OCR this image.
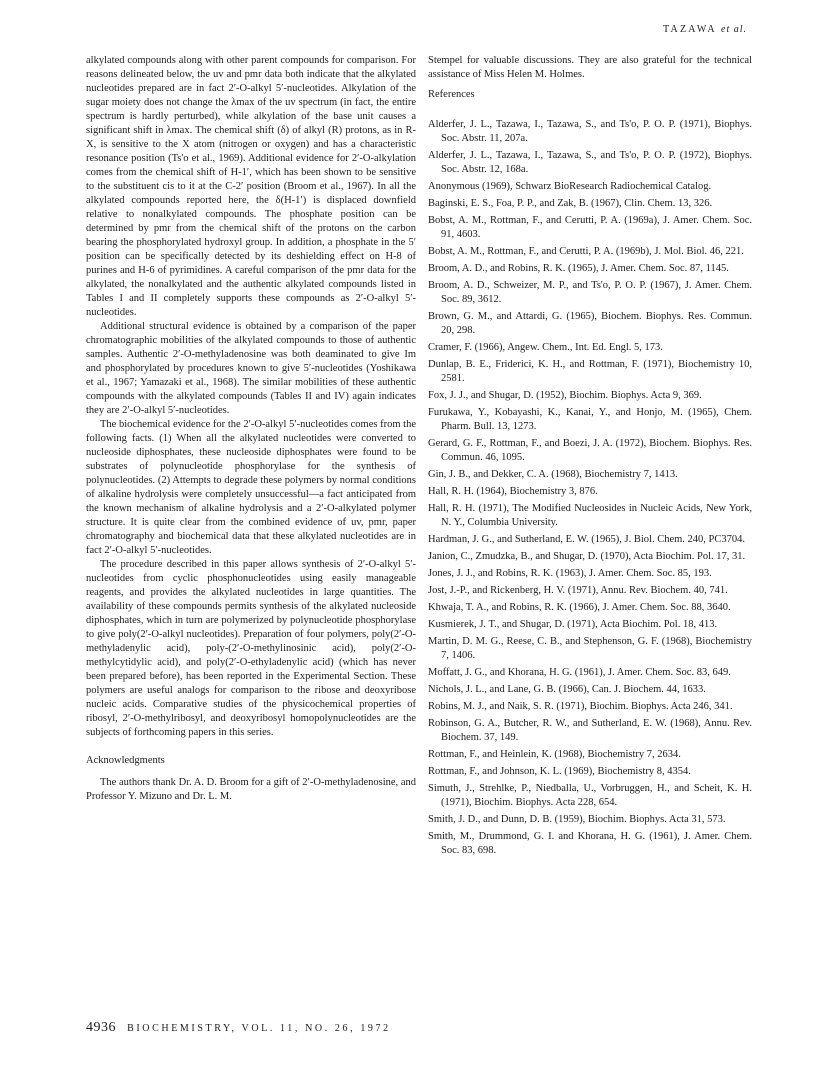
TAZAWA et al.

alkylated compounds along with other parent compounds for comparison. For reasons delineated below, the uv and pmr data both indicate that the alkylated nucleotides prepared are in fact 2′-O-alkyl 5′-nucleotides. Alkylation of the sugar moiety does not change the λmax of the uv spectrum (in fact, the entire spectrum is hardly perturbed), while alkylation of the base unit causes a significant shift in λmax. The chemical shift (δ) of alkyl (R) protons, as in R-X, is sensitive to the X atom (nitrogen or oxygen) and has a characteristic resonance position (Ts'o et al., 1969). Additional evidence for 2′-O-alkylation comes from the chemical shift of H-1′, which has been shown to be sensitive to the substituent cis to it at the C-2′ position (Broom et al., 1967). In all the alkylated compounds reported here, the δ(H-1′) is displaced downfield relative to nonalkylated compounds. The phosphate position can be determined by pmr from the chemical shift of the protons on the carbon bearing the phosphorylated hydroxyl group. In addition, a phosphate in the 5′ position can be specifically detected by its deshielding effect on H-8 of purines and H-6 of pyrimidines. A careful comparison of the pmr data for the alkylated, the nonalkylated and the authentic alkylated compounds listed in Tables I and II completely supports these compounds as 2′-O-alkyl 5′-nucleotides.

Additional structural evidence is obtained by a comparison of the paper chromatographic mobilities of the alkylated compounds to those of authentic samples. Authentic 2′-O-methyladenosine was both deaminated to give Im and phosphorylated by procedures known to give 5′-nucleotides (Yoshikawa et al., 1967; Yamazaki et al., 1968). The similar mobilities of these authentic compounds with the alkylated compounds (Tables II and IV) again indicates they are 2′-O-alkyl 5′-nucleotides.

The biochemical evidence for the 2′-O-alkyl 5′-nucleotides comes from the following facts. (1) When all the alkylated nucleotides were converted to nucleoside diphosphates, these nucleoside diphosphates were found to be substrates of polynucleotide phosphorylase for the synthesis of polynucleotides. (2) Attempts to degrade these polymers by normal conditions of alkaline hydrolysis were completely unsuccessful—a fact anticipated from the known mechanism of alkaline hydrolysis and a 2′-O-alkylated polymer structure. It is quite clear from the combined evidence of uv, pmr, paper chromatography and biochemical data that these alkylated nucleotides are in fact 2′-O-alkyl 5′-nucleotides.

The procedure described in this paper allows synthesis of 2′-O-alkyl 5′-nucleotides from cyclic phosphonucleotides using easily manageable reagents, and provides the alkylated nucleotides in large quantities. The availability of these compounds permits synthesis of the alkylated nucleoside diphosphates, which in turn are polymerized by polynucleotide phosphorylase to give poly(2′-O-alkyl nucleotides). Preparation of four polymers, poly(2′-O-methyladenylic acid), poly-(2′-O-methylinosinic acid), poly(2′-O-methylcytidylic acid), and poly(2′-O-ethyladenylic acid) (which has never been prepared before), has been reported in the Experimental Section. These polymers are useful analogs for comparison to the ribose and deoxyribose nucleic acids. Comparative studies of the physicochemical properties of ribosyl, 2′-O-methylribosyl, and deoxyribosyl homopolynucleotides are the subjects of forthcoming papers in this series.

Acknowledgments

The authors thank Dr. A. D. Broom for a gift of 2′-O-methyladenosine, and Professor Y. Mizuno and Dr. L. M.

Stempel for valuable discussions. They are also grateful for the technical assistance of Miss Helen M. Holmes.

References
Alderfer, J. L., Tazawa, I., Tazawa, S., and Ts'o, P. O. P. (1971), Biophys. Soc. Abstr. 11, 207a.
Alderfer, J. L., Tazawa, I., Tazawa, S., and Ts'o, P. O. P. (1972), Biophys. Soc. Abstr. 12, 168a.
Anonymous (1969), Schwarz BioResearch Radiochemical Catalog.
Baginski, E. S., Foa, P. P., and Zak, B. (1967), Clin. Chem. 13, 326.
Bobst, A. M., Rottman, F., and Cerutti, P. A. (1969a), J. Amer. Chem. Soc. 91, 4603.
Bobst, A. M., Rottman, F., and Cerutti, P. A. (1969b), J. Mol. Biol. 46, 221.
Broom, A. D., and Robins, R. K. (1965), J. Amer. Chem. Soc. 87, 1145.
Broom, A. D., Schweizer, M. P., and Ts'o, P. O. P. (1967), J. Amer. Chem. Soc. 89, 3612.
Brown, G. M., and Attardi, G. (1965), Biochem. Biophys. Res. Commun. 20, 298.
Cramer, F. (1966), Angew. Chem., Int. Ed. Engl. 5, 173.
Dunlap, B. E., Friderici, K. H., and Rottman, F. (1971), Biochemistry 10, 2581.
Fox, J. J., and Shugar, D. (1952), Biochim. Biophys. Acta 9, 369.
Furukawa, Y., Kobayashi, K., Kanai, Y., and Honjo, M. (1965), Chem. Pharm. Bull. 13, 1273.
Gerard, G. F., Rottman, F., and Boezi, J. A. (1972), Biochem. Biophys. Res. Commun. 46, 1095.
Gin, J. B., and Dekker, C. A. (1968), Biochemistry 7, 1413.
Hall, R. H. (1964), Biochemistry 3, 876.
Hall, R. H. (1971), The Modified Nucleosides in Nucleic Acids, New York, N. Y., Columbia University.
Hardman, J. G., and Sutherland, E. W. (1965), J. Biol. Chem. 240, PC3704.
Janion, C., Zmudzka, B., and Shugar, D. (1970), Acta Biochim. Pol. 17, 31.
Jones, J. J., and Robins, R. K. (1963), J. Amer. Chem. Soc. 85, 193.
Jost, J.-P., and Rickenberg, H. V. (1971), Annu. Rev. Biochem. 40, 741.
Khwaja, T. A., and Robins, R. K. (1966), J. Amer. Chem. Soc. 88, 3640.
Kusmierek, J. T., and Shugar, D. (1971), Acta Biochim. Pol. 18, 413.
Martin, D. M. G., Reese, C. B., and Stephenson, G. F. (1968), Biochemistry 7, 1406.
Moffatt, J. G., and Khorana, H. G. (1961), J. Amer. Chem. Soc. 83, 649.
Nichols, J. L., and Lane, G. B. (1966), Can. J. Biochem. 44, 1633.
Robins, M. J., and Naik, S. R. (1971), Biochim. Biophys. Acta 246, 341.
Robinson, G. A., Butcher, R. W., and Sutherland, E. W. (1968), Annu. Rev. Biochem. 37, 149.
Rottman, F., and Heinlein, K. (1968), Biochemistry 7, 2634.
Rottman, F., and Johnson, K. L. (1969), Biochemistry 8, 4354.
Simuth, J., Strehlke, P., Niedballa, U., Vorbruggen, H., and Scheit, K. H. (1971), Biochim. Biophys. Acta 228, 654.
Smith, J. D., and Dunn, D. B. (1959), Biochim. Biophys. Acta 31, 573.
Smith, M., Drummond, G. I. and Khorana, H. G. (1961), J. Amer. Chem. Soc. 83, 698.
4936 BIOCHEMISTRY, VOL. 11, NO. 26, 1972
